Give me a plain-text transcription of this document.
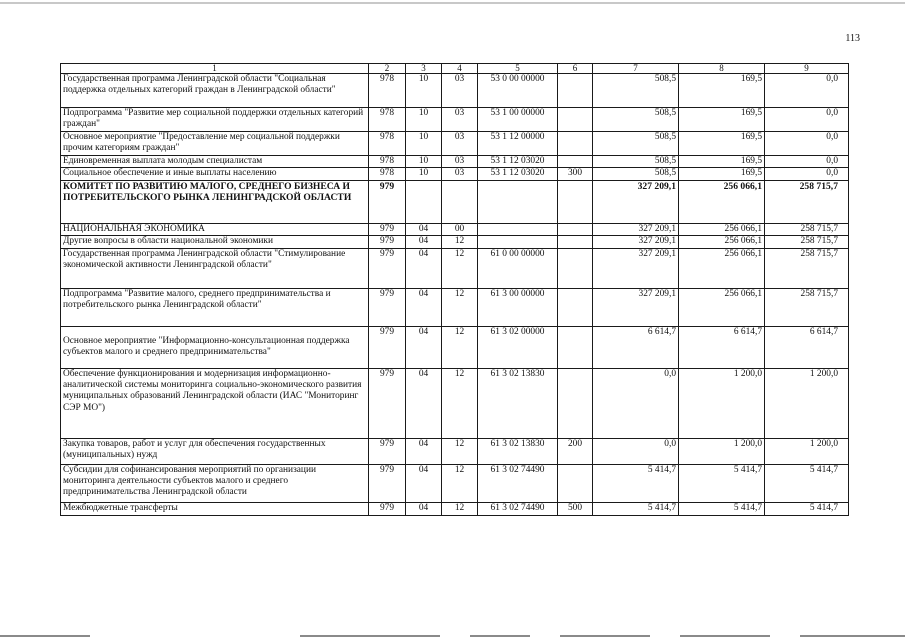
113
1	2	3	4	5	6	7	8	9
Государственная программа Ленинградской области "Социальная поддержка отдельных категорий граждан в Ленинградской области"	978	10	03	53 0 00 00000		508,5	169,5	0,0
Подпрограмма "Развитие мер социальной поддержки отдельных категорий граждан"	978	10	03	53 1 00 00000		508,5	169,5	0,0
Основное мероприятие "Предоставление мер социальной поддержки прочим категориям граждан"	978	10	03	53 1 12 00000		508,5	169,5	0,0
Единовременная выплата молодым специалистам	978	10	03	53 1 12 03020		508,5	169,5	0,0
Социальное обеспечение и иные выплаты населению	978	10	03	53 1 12 03020	300	508,5	169,5	0,0
КОМИТЕТ ПО РАЗВИТИЮ МАЛОГО, СРЕДНЕГО БИЗНЕСА И ПОТРЕБИТЕЛЬСКОГО РЫНКА ЛЕНИНГРАДСКОЙ ОБЛАСТИ	979					327 209,1	256 066,1	258 715,7
НАЦИОНАЛЬНАЯ ЭКОНОМИКА	979	04	00			327 209,1	256 066,1	258 715,7
Другие вопросы в области национальной экономики	979	04	12			327 209,1	256 066,1	258 715,7
Государственная программа Ленинградской области "Стимулирование экономической активности Ленинградской области"	979	04	12	61 0 00 00000		327 209,1	256 066,1	258 715,7
Подпрограмма "Развитие малого, среднего предпринимательства и потребительского рынка Ленинградской области"	979	04	12	61 3 00 00000		327 209,1	256 066,1	258 715,7
Основное мероприятие "Информационно-консультационная поддержка субъектов малого и среднего предпринимательства"	979	04	12	61 3 02 00000		6 614,7	6 614,7	6 614,7
Обеспечение функционирования и модернизация информационно-аналитической системы мониторинга социально-экономического развития муниципальных образований Ленинградской области (ИАС "Мониторинг СЭР МО")	979	04	12	61 3 02 13830		0,0	1 200,0	1 200,0
Закупка товаров, работ и услуг для обеспечения государственных (муниципальных) нужд	979	04	12	61 3 02 13830	200	0,0	1 200,0	1 200,0
Субсидии для софинансирования мероприятий по организации мониторинга деятельности субъектов малого и среднего предпринимательства Ленинградской области	979	04	12	61 3 02 74490		5 414,7	5 414,7	5 414,7
Межбюджетные трансферты	979	04	12	61 3 02 74490	500	5 414,7	5 414,7	5 414,7
